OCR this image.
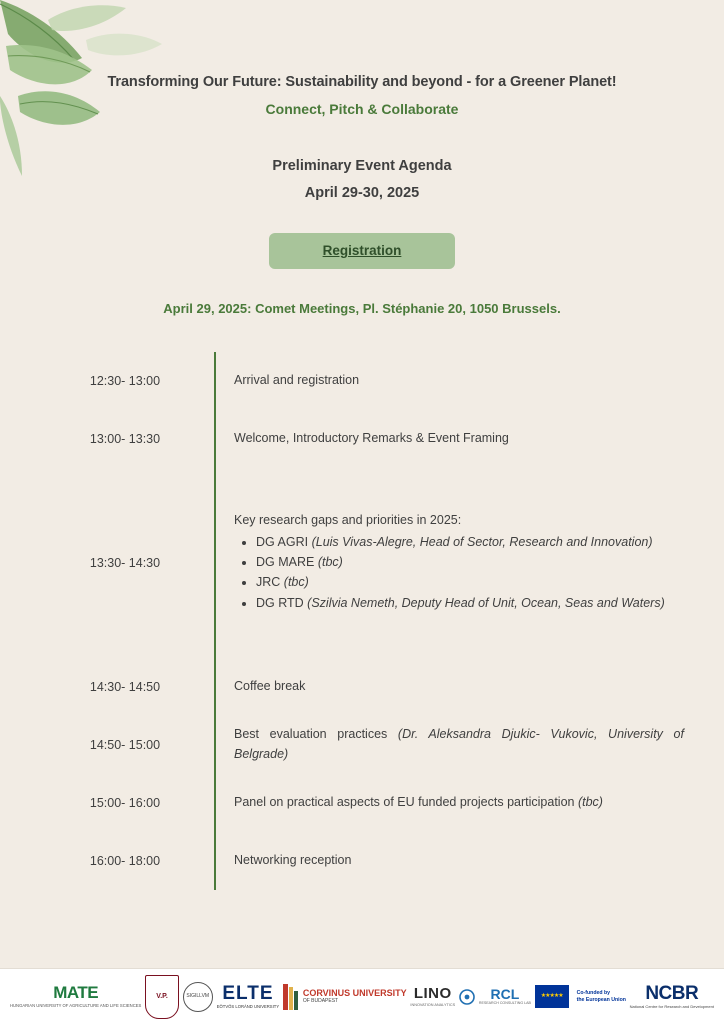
Transforming Our Future: Sustainability and beyond - for a Greener Planet!
Connect, Pitch & Collaborate
Preliminary Event Agenda
April 29-30, 2025
Registration
April 29, 2025: Comet Meetings, Pl. Stéphanie 20, 1050 Brussels.
12:30- 13:00	Arrival and registration
13:00- 13:30	Welcome, Introductory Remarks & Event Framing
13:30- 14:30
Key research gaps and priorities in 2025:
• DG AGRI (Luis Vivas-Alegre, Head of Sector, Research and Innovation)
• DG MARE (tbc)
• JRC (tbc)
• DG RTD (Szilvia Nemeth, Deputy Head of Unit, Ocean, Seas and Waters)
14:30- 14:50	Coffee break
14:50- 15:00
Best evaluation practices (Dr. Aleksandra Djukic- Vukovic, University of Belgrade)
15:00- 16:00	Panel on practical aspects of EU funded projects participation (tbc)
16:00- 18:00	Networking reception
MATE
HUNGARIAN UNIVERSITY OF AGRICULTURE AND LIFE SCIENCES
V.P.	SIGILLVM ELTE
EÖTVÖS LORÁND UNIVERSITY
CORVINUS UNIVERSITY
OF BUDAPEST	LINO
INNOVATION ANALYTICS
RCL
RESEARCH CONSULTING LAB
★★★★★	Co-funded by
the European Union	NCBR
National Centre for Research and Development
